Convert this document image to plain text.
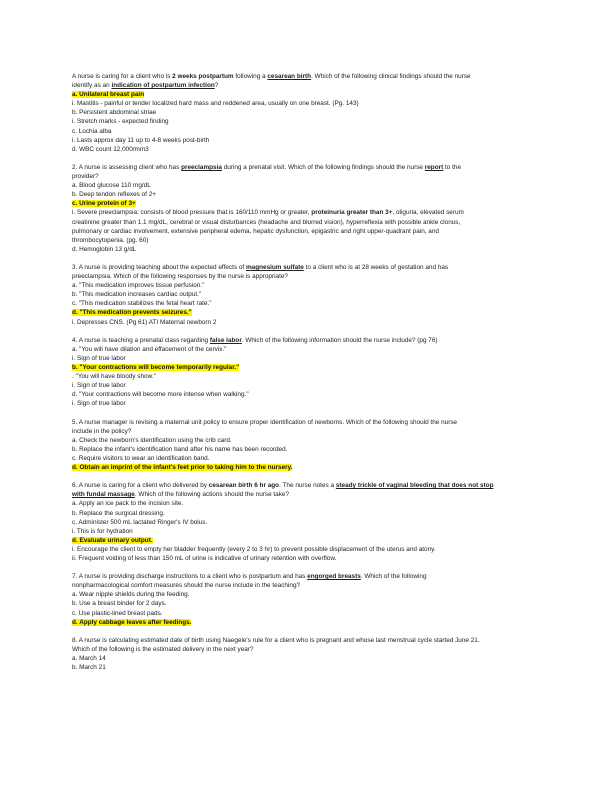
A nurse is caring for a client who is 2 weeks postpartum following a cesarean birth. Which of the following clinical findings should the nurse
identify as an indication of postpartum infection?
a. Unilateral breast pain
i. Mastitis - painful or tender localized hard mass and reddened area, usually on one breast. (Pg. 143)
b. Persistent abdominal striae
i. Stretch marks - expected finding
c. Lochia alba
i. Lasts approx day 11 up to 4-8 weeks post-birth
d. WBC count 12,000/mm3
2. A nurse is assessing client who has preeclampsia during a prenatal visit. Which of the following findings should the nurse report to the
provider?
a. Blood glucose 110 mg/dL
b. Deep tendon reflexes of 2+
c. Urine protein of 3+
i. Severe preeclampsia: consists of blood pressure that is 160/110 mmHg or greater, proteinuria greater than 3+, oliguria, elevated serum
creatinine greater than 1.1 mg/dL, cerebral or visual disturbances (headache and blurred vision), hyperreflexia with possible ankle clonus,
pulmonary or cardiac involvement, extensive peripheral edema, hepatic dysfunction, epigastric and right upper-quadrant pain, and
thrombocytopenia. (pg. 60)
d. Hemoglobin 13 g/dL
3. A nurse is providing teaching about the expected effects of magnesium sulfate to a client who is at 28 weeks of gestation and has
preeclampsia. Which of the following responses by the nurse is appropriate?
a. "This medication improves tissue perfusion."
b. "This medication increases cardiac output."
c. "This medication stabilizes the fetal heart rate."
d. "This medication prevents seizures."
i. Depresses CNS. (Pg 61) ATI Maternal newborn 2
4. A nurse is teaching a prenatal class regarding false labor. Which of the following information should the nurse include? (pg 76)
a. "You will have dilation and effacement of the cervix."
i. Sign of true labor
b. "Your contractions will become temporarily regular."
. "You will have bloody show."
i. Sign of true labor
d. "Your contractions will become more intense when walking."
i. Sign of true labor
5. A nurse manager is revising a maternal unit policy to ensure proper identification of newborns. Which of the following should the nurse
include in the policy?
a. Check the newborn's identification using the crib card.
b. Replace the infant's identification band after his name has been recorded.
c. Require visitors to wear an identification band.
d. Obtain an imprint of the infant's feet prior to taking him to the nursery.
6. A nurse is caring for a client who delivered by cesarean birth 6 hr ago. The nurse notes a steady trickle of vaginal bleeding that does not stop
with fundal massage. Which of the following actions should the nurse take?
a. Apply an ice pack to the incision site.
b. Replace the surgical dressing.
c. Administer 500 mL lactated Ringer's IV bolus.
i. This is for hydration
d. Evaluate urinary output.
i. Encourage the client to empty her bladder frequently (every 2 to 3 hr) to prevent possible displacement of the uterus and atony.
ii. Frequent voiding of less than 150 mL of urine is indicative of urinary retention with overflow.
7. A nurse is providing discharge instructions to a client who is postpartum and has engorged breasts. Which of the following
nonpharmacological comfort measures should the nurse include in the teaching?
a. Wear nipple shields during the feeding.
b. Use a breast binder for 2 days.
c. Use plastic-lined breast pads.
d. Apply cabbage leaves after feedings.
8. A nurse is calculating estimated date of birth using Naegele's rule for a client who is pregnant and whose last menstrual cycle started June 21.
Which of the following is the estimated delivery in the next year?
a. March 14
b. March 21
